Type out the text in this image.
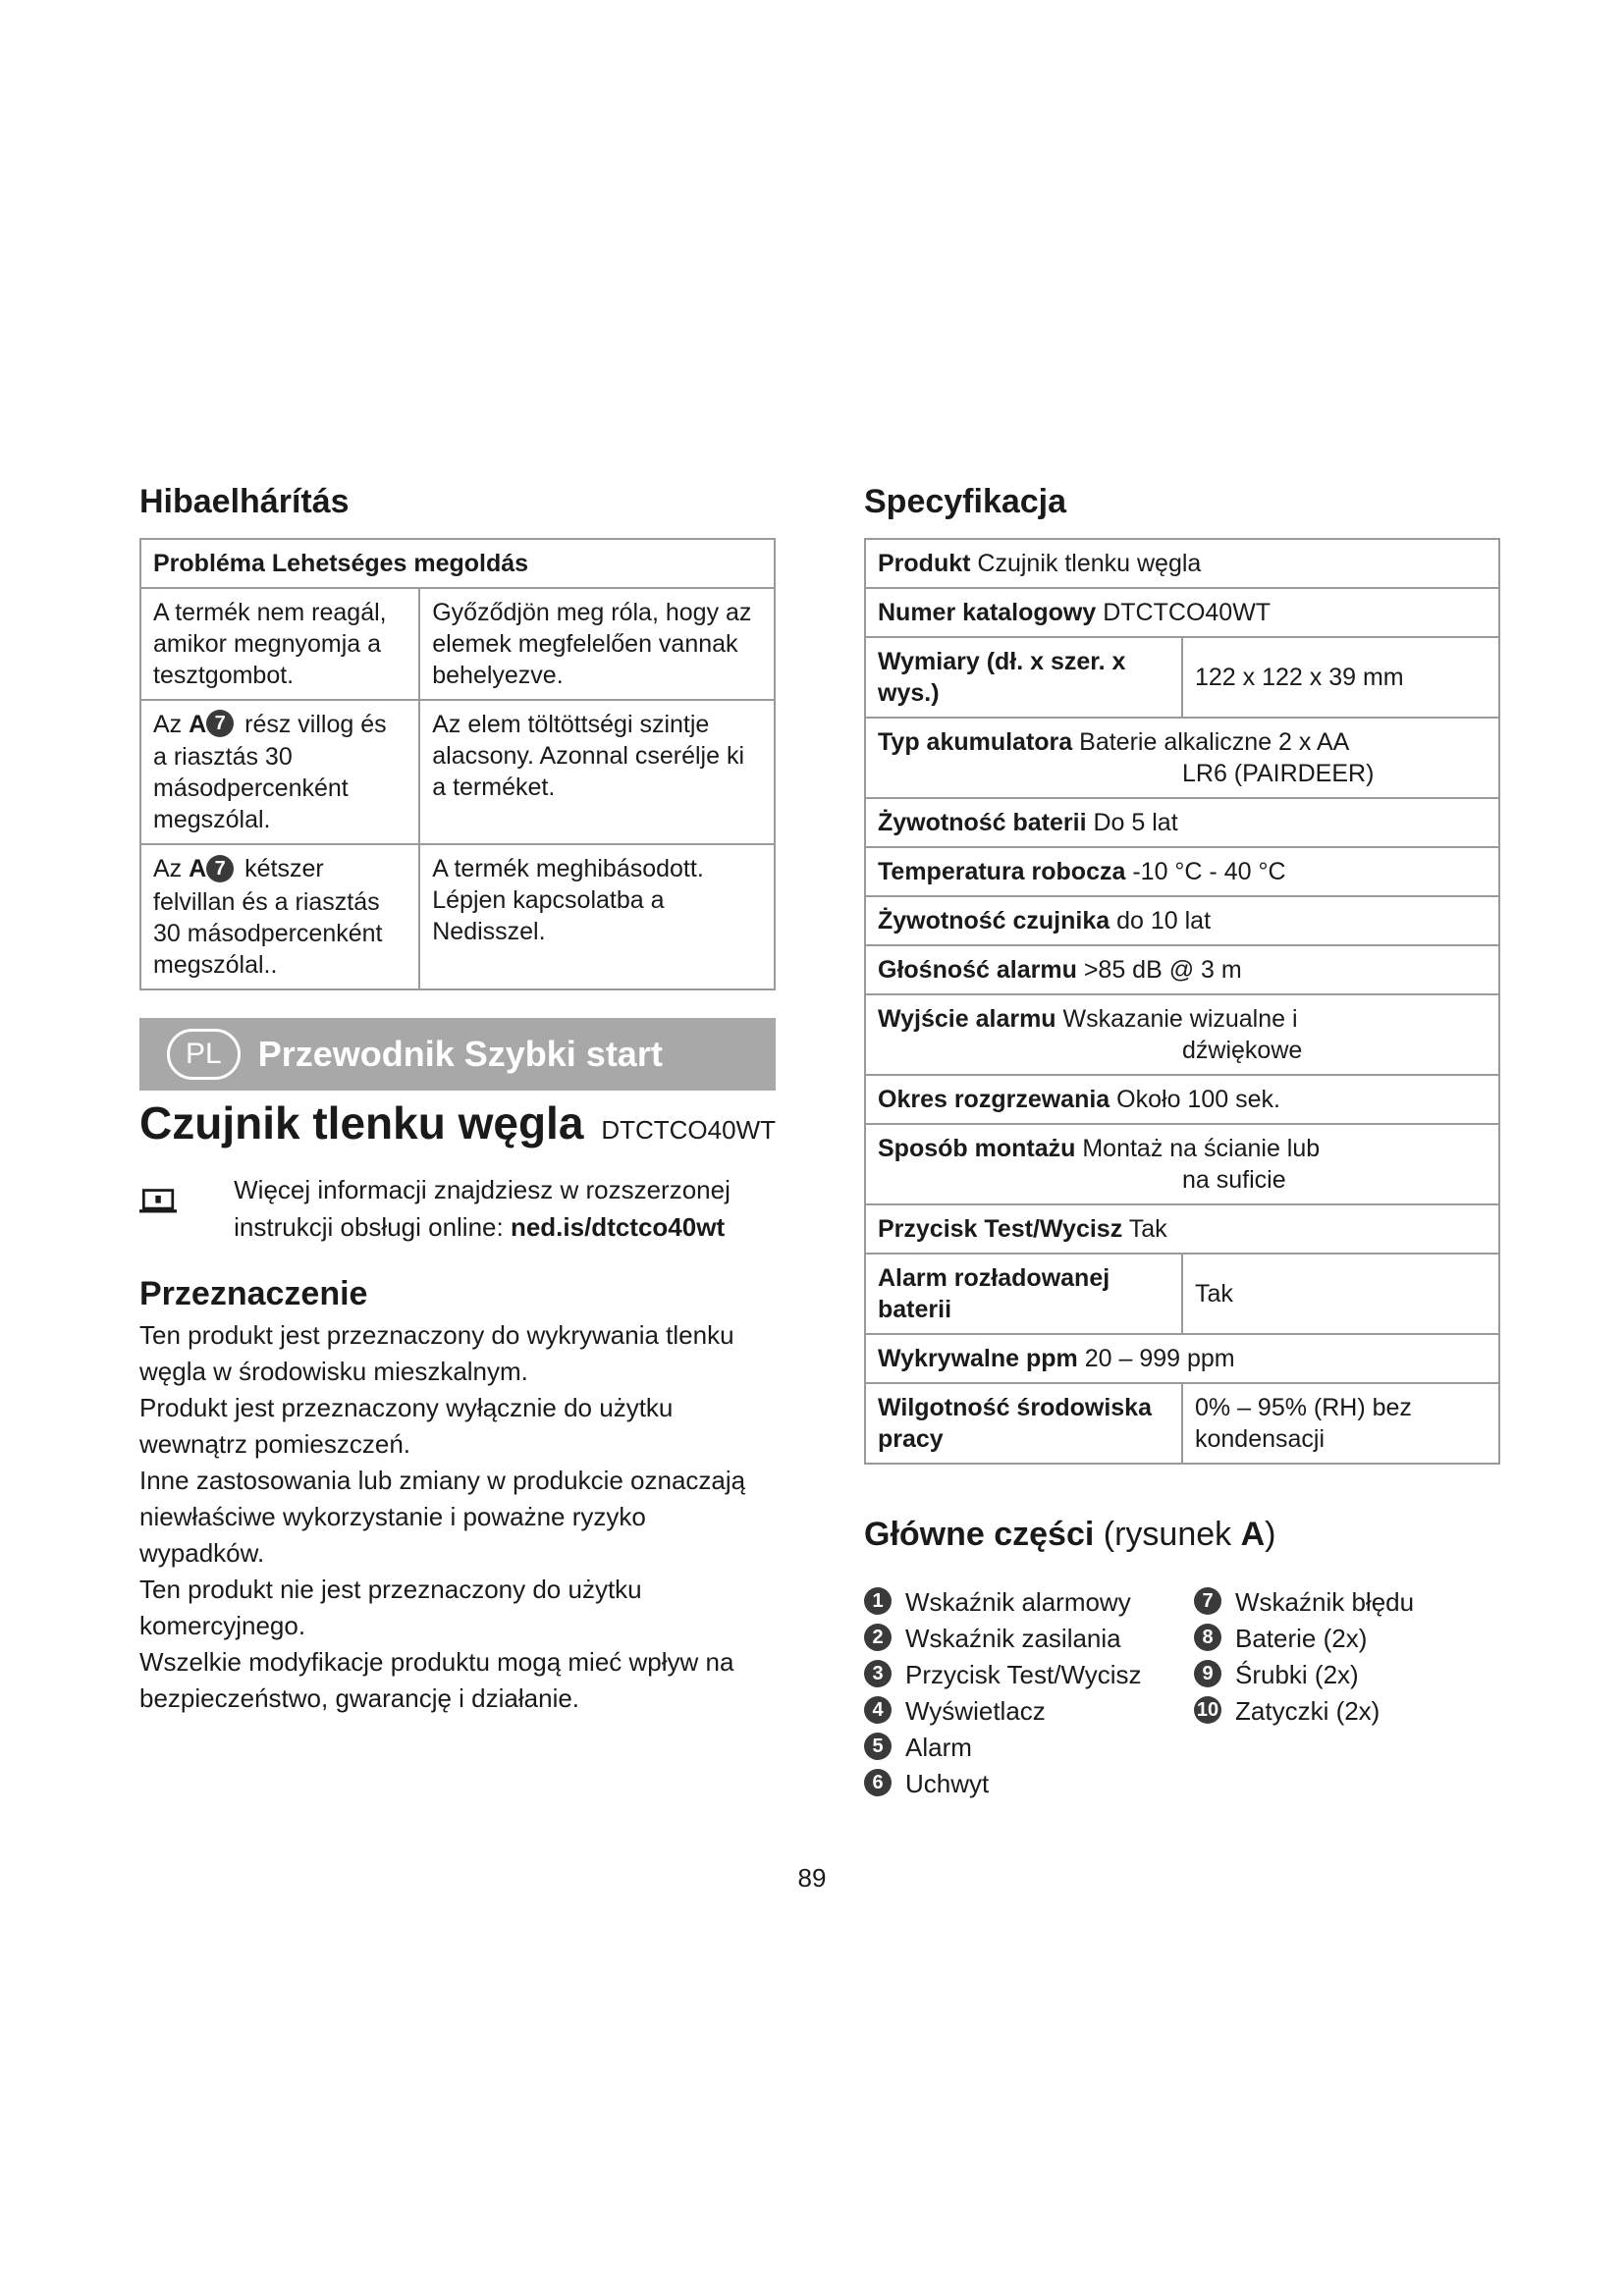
Hibaelhárítás
Probléma Lehetséges megoldás	
A termék nem reagál, amikor megnyomja a tesztgombot.	Győződjön meg róla, hogy az elemek megfelelően vannak behelyezve.
Az A 7 rész villog és a riasztás 30 másodpercenként megszólal.	Az elem töltöttségi szintje alacsony. Azonnal cserélje ki a terméket.
Az A 7 kétszer felvillan és a riasztás 30 másodpercenként megszólal..	A termék meghibásodott. Lépjen kapcsolatba a Nedisszel.
PL	Przewodnik Szybki start
Czujnik tlenku węgla DTCTCO40WT
Więcej informacji znajdziesz w rozszerzonej instrukcji obsługi online: ned.is/dtctco40wt
Przeznaczenie
Ten produkt jest przeznaczony do wykrywania tlenku węgla w środowisku mieszkalnym.
Produkt jest przeznaczony wyłącznie do użytku wewnątrz pomieszczeń.
Inne zastosowania lub zmiany w produkcie oznaczają niewłaściwe wykorzystanie i poważne ryzyko wypadków.
Ten produkt nie jest przeznaczony do użytku komercyjnego.
Wszelkie modyfikacje produktu mogą mieć wpływ na bezpieczeństwo, gwarancję i działanie.
Specyfikacja
Produkt Czujnik tlenku węgla	
Numer katalogowy DTCTCO40WT	
Wymiary (dł. x szer. x wys.)	122 x 122 x 39 mm
Typ akumulatora Baterie alkaliczne 2 x AA
LR6 (PAIRDEER)	

Żywotność baterii Do 5 lat	
Temperatura robocza -10 °C - 40 °C	
Żywotność czujnika do 10 lat	
Głośność alarmu >85 dB @ 3 m	
Wyjście alarmu Wskazanie wizualne i
dźwiękowe	

Okres rozgrzewania Około 100 sek.	
Sposób montażu Montaż na ścianie lub
na suficie	

Przycisk Test/Wycisz Tak	
Alarm rozładowanej baterii	Tak
Wykrywalne ppm 20 – 999 ppm	
Wilgotność środowiska pracy	0% – 95% (RH) bez kondensacji
Główne części (rysunek A)
1 Wskaźnik alarmowy
2 Wskaźnik zasilania
3 Przycisk Test/Wycisz
4 Wyświetlacz
5 Alarm
6 Uchwyt
7 Wskaźnik błędu
8 Baterie (2x)
9 Śrubki (2x)
10 Zatyczki (2x)
89
